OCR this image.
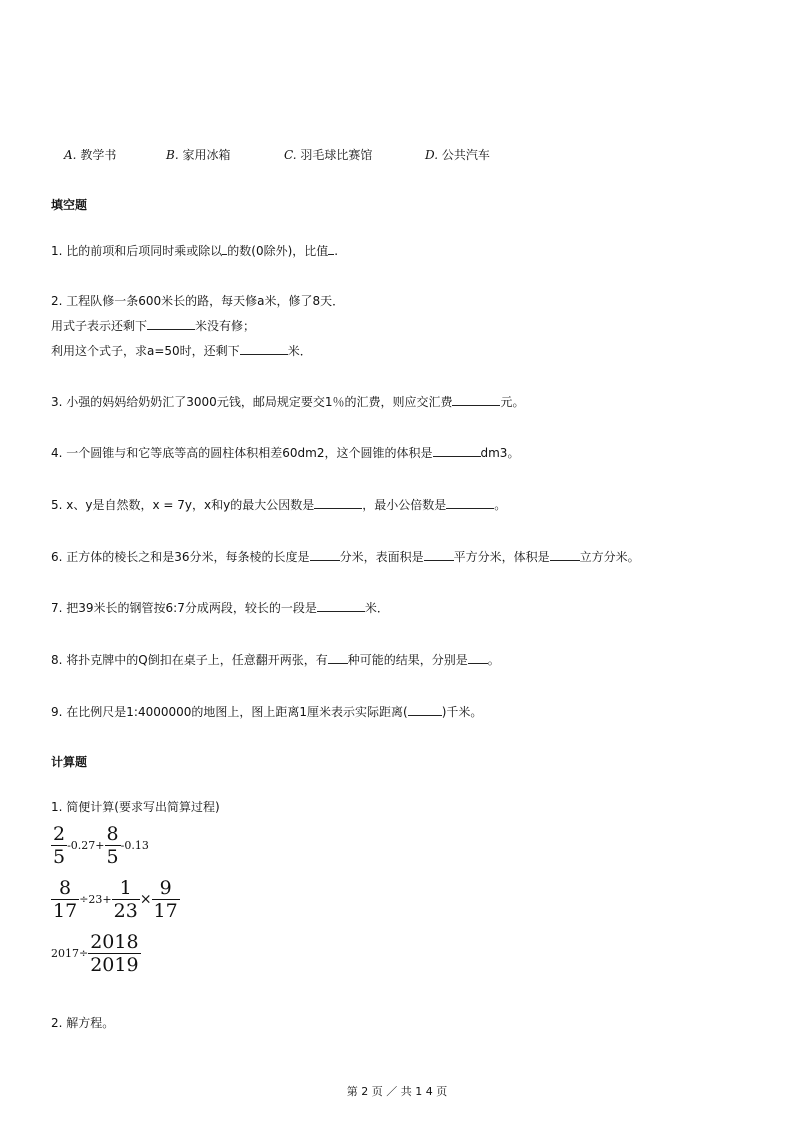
A. 教学书	B. 家用冰箱	C. 羽毛球比赛馆	D. 公共汽车
填空题
1. 比的前项和后项同时乘或除以 的数(0除外)，比值 .
2. 工程队修一条600米长的路，每天修a米，修了8天．
用式子表示还剩下	米没有修；
利用这个式子，求a=50时，还剩下	米．
3. 小强的妈妈给奶奶汇了3000元钱，邮局规定要交1％的汇费，则应交汇费	元。
4. 一个圆锥与和它等底等高的圆柱体积相差60dm2，这个圆锥的体积是	dm3。
5. x、y是自然数，x = 7y，x和y的最大公因数是	，最小公倍数是	。
6. 正方体的棱长之和是36分米，每条棱的长度是	分米，表面积是	平方分米，体积是	立方分米。
7. 把39米长的钢管按6:7分成两段，较长的一段是	米．
8. 将扑克牌中的Q倒扣在桌子上，任意翻开两张，有 种可能的结果，分别是 。
9. 在比例尺是1:4000000的地图上，图上距离1厘米表示实际距离(	)千米。
计算题
1. 简便计算(要求写出简算过程)
$\frac{2}{5} -0.27+ \frac{8}{5} -0.13$
$\frac{8}{17} \div 23+ \frac{1}{23} \times \frac{9}{17}$
$2017\div \frac{2018}{2019}$
2. 解方程。
第 2 页 ／ 共 1 4 页
